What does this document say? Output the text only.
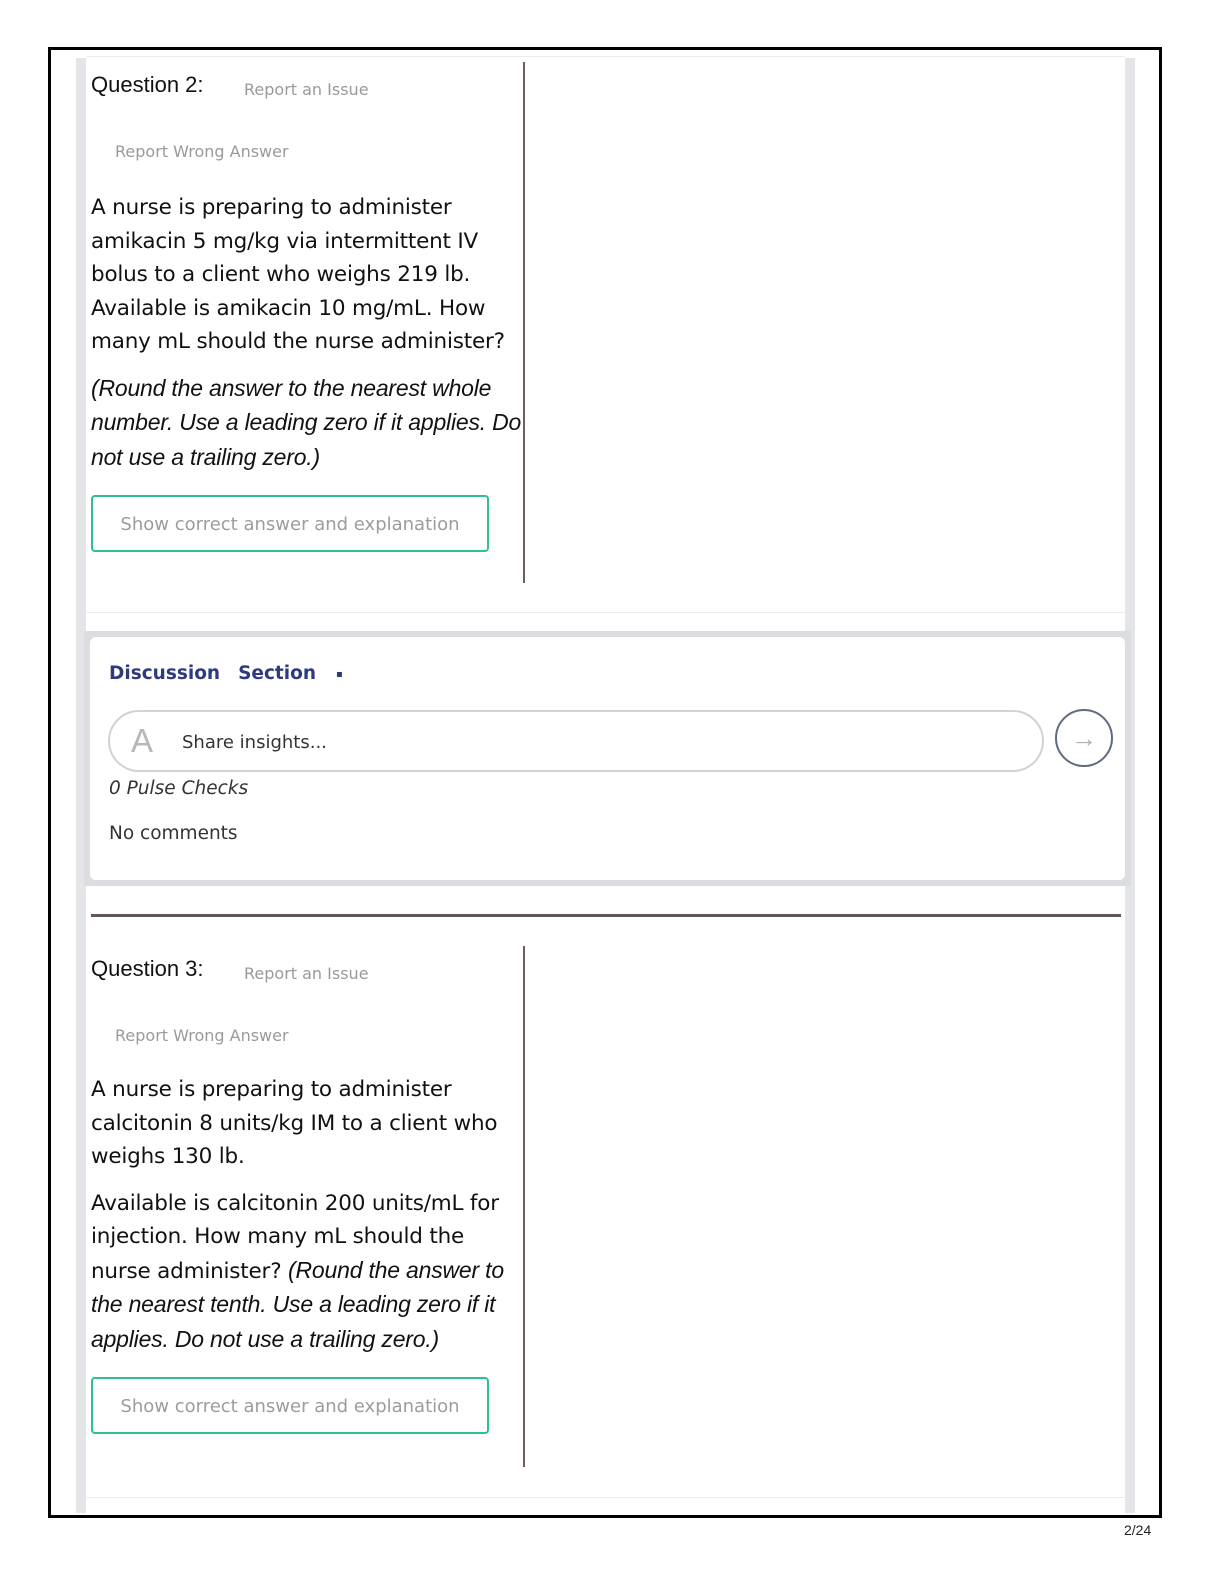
Question 2:	Report an Issue
Report Wrong Answer

A nurse is preparing to administer amikacin 5 mg/kg via intermittent IV bolus to a client who weighs 219 lb. Available is amikacin 10 mg/mL. How many mL should the nurse administer?

(Round the answer to the nearest whole number. Use a leading zero if it applies. Do not use a trailing zero.)

Show correct answer and explanation
Discussion Section ▪
A
Share insights...	→
0 Pulse Checks
No comments
Question 3:	Report an Issue
Report Wrong Answer

A nurse is preparing to administer calcitonin 8 units/kg IM to a client who weighs 130 lb.

Available is calcitonin 200 units/mL for injection. How many mL should the nurse administer? (Round the answer to the nearest tenth. Use a leading zero if it applies. Do not use a trailing zero.)

Show correct answer and explanation
2/24
